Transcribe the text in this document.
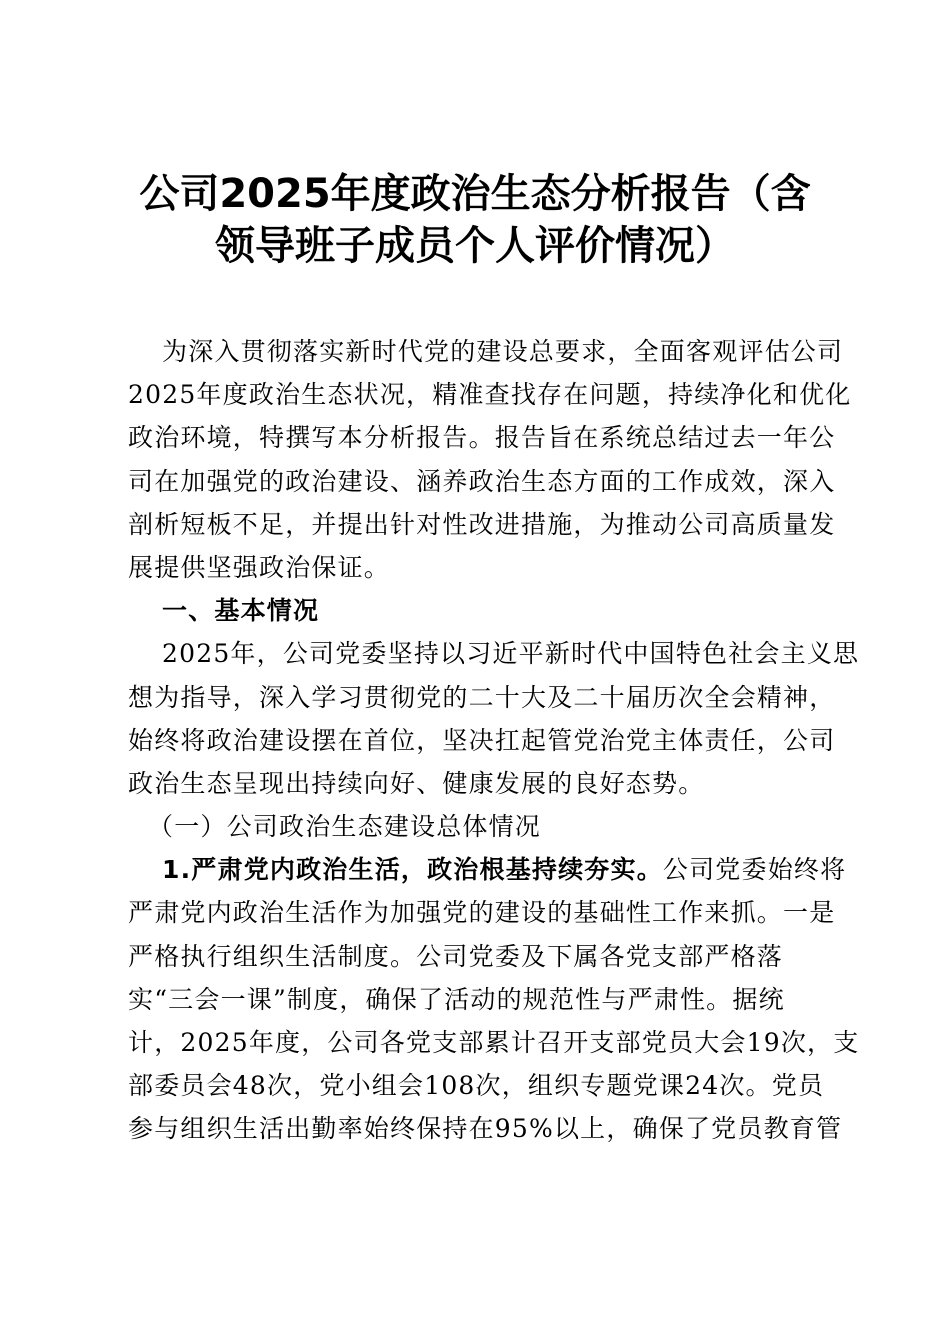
公司2025年度政治生态分析报告（含
领导班子成员个人评价情况）
为深入贯彻落实新时代党的建设总要求，全面客观评估公司
2025年度政治生态状况，精准查找存在问题，持续净化和优化
政治环境，特撰写本分析报告。报告旨在系统总结过去一年公
司在加强党的政治建设、涵养政治生态方面的工作成效，深入
剖析短板不足，并提出针对性改进措施，为推动公司高质量发
展提供坚强政治保证。
一、基本情况
2025年，公司党委坚持以习近平新时代中国特色社会主义思
想为指导，深入学习贯彻党的二十大及二十届历次全会精神，
始终将政治建设摆在首位，坚决扛起管党治党主体责任，公司
政治生态呈现出持续向好、健康发展的良好态势。
（一）公司政治生态建设总体情况
1.严肃党内政治生活，政治根基持续夯实。公司党委始终将
严肃党内政治生活作为加强党的建设的基础性工作来抓。一是
严格执行组织生活制度。公司党委及下属各党支部严格落
实“三会一课”制度，确保了活动的规范性与严肃性。据统
计，2025年度，公司各党支部累计召开支部党员大会19次，支
部委员会48次，党小组会108次，组织专题党课24次。党员
参与组织生活出勤率始终保持在95%以上，确保了党员教育管
